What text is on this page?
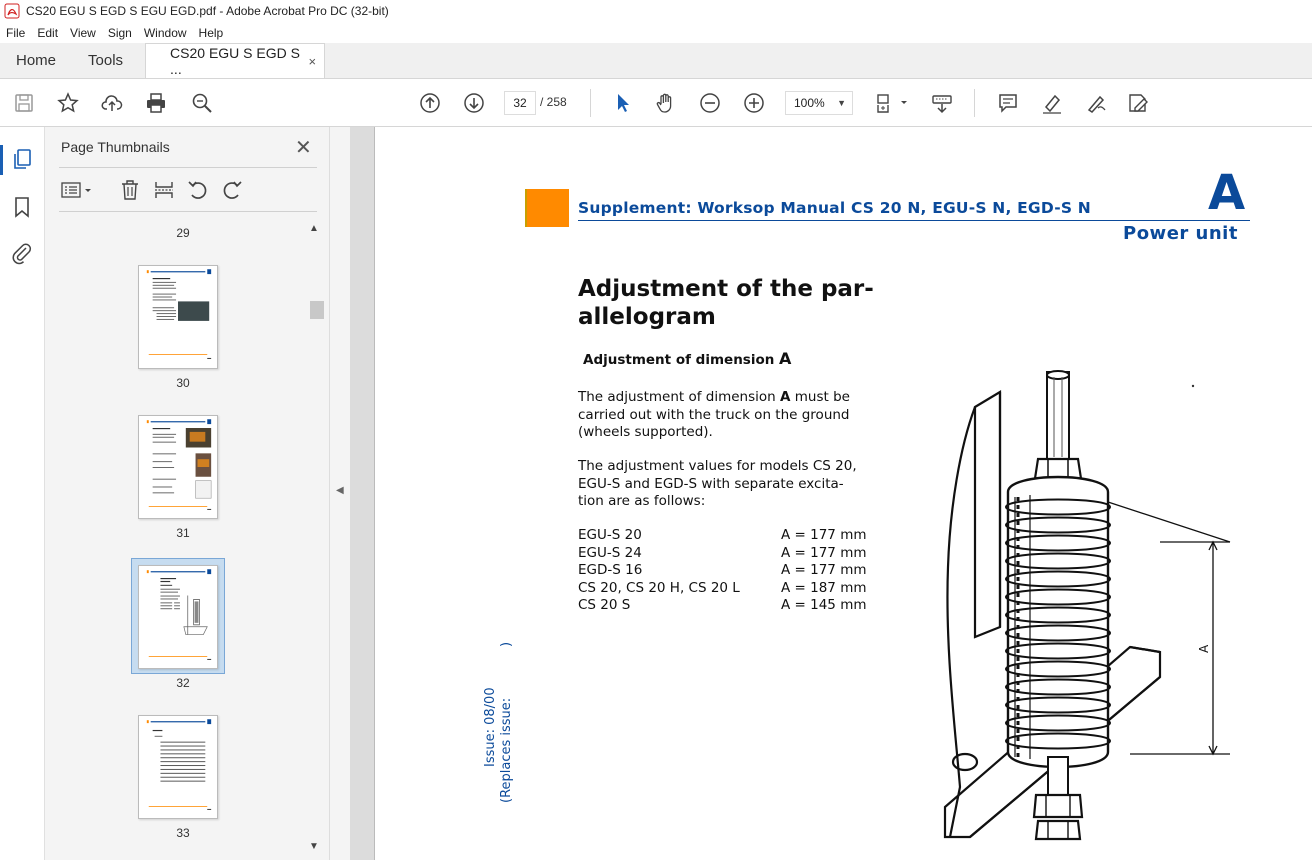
CS20 EGU S EGD S EGU EGD.pdf - Adobe Acrobat Pro DC (32-bit)
File	Edit	View	Sign	Window	Help
Home	Tools	CS20 EGU S EGD S ...	×
32	/ 258	100% ▼
Page Thumbnails	✕
29
30
31
32
33
▲
▼
◀
Supplement: Worksop Manual CS 20 N, EGU-S N, EGD-S N A
Power unit
Adjustment of the par-
allelogram
Adjustment of dimension A
The adjustment of dimension A must be
carried out with the truck on the ground
(wheels supported).
The adjustment values for models CS 20,
EGU-S and EGD-S with separate excita-
tion are as follows:
EGU-S 20	A = 177 mm
EGU-S 24	A = 177 mm
EGD-S 16	A = 177 mm
CS 20, CS 20 H, CS 20 L	A = 187 mm
CS 20 S	A = 145 mm
Issue: 08/00 (Replaces issue:
)
A
